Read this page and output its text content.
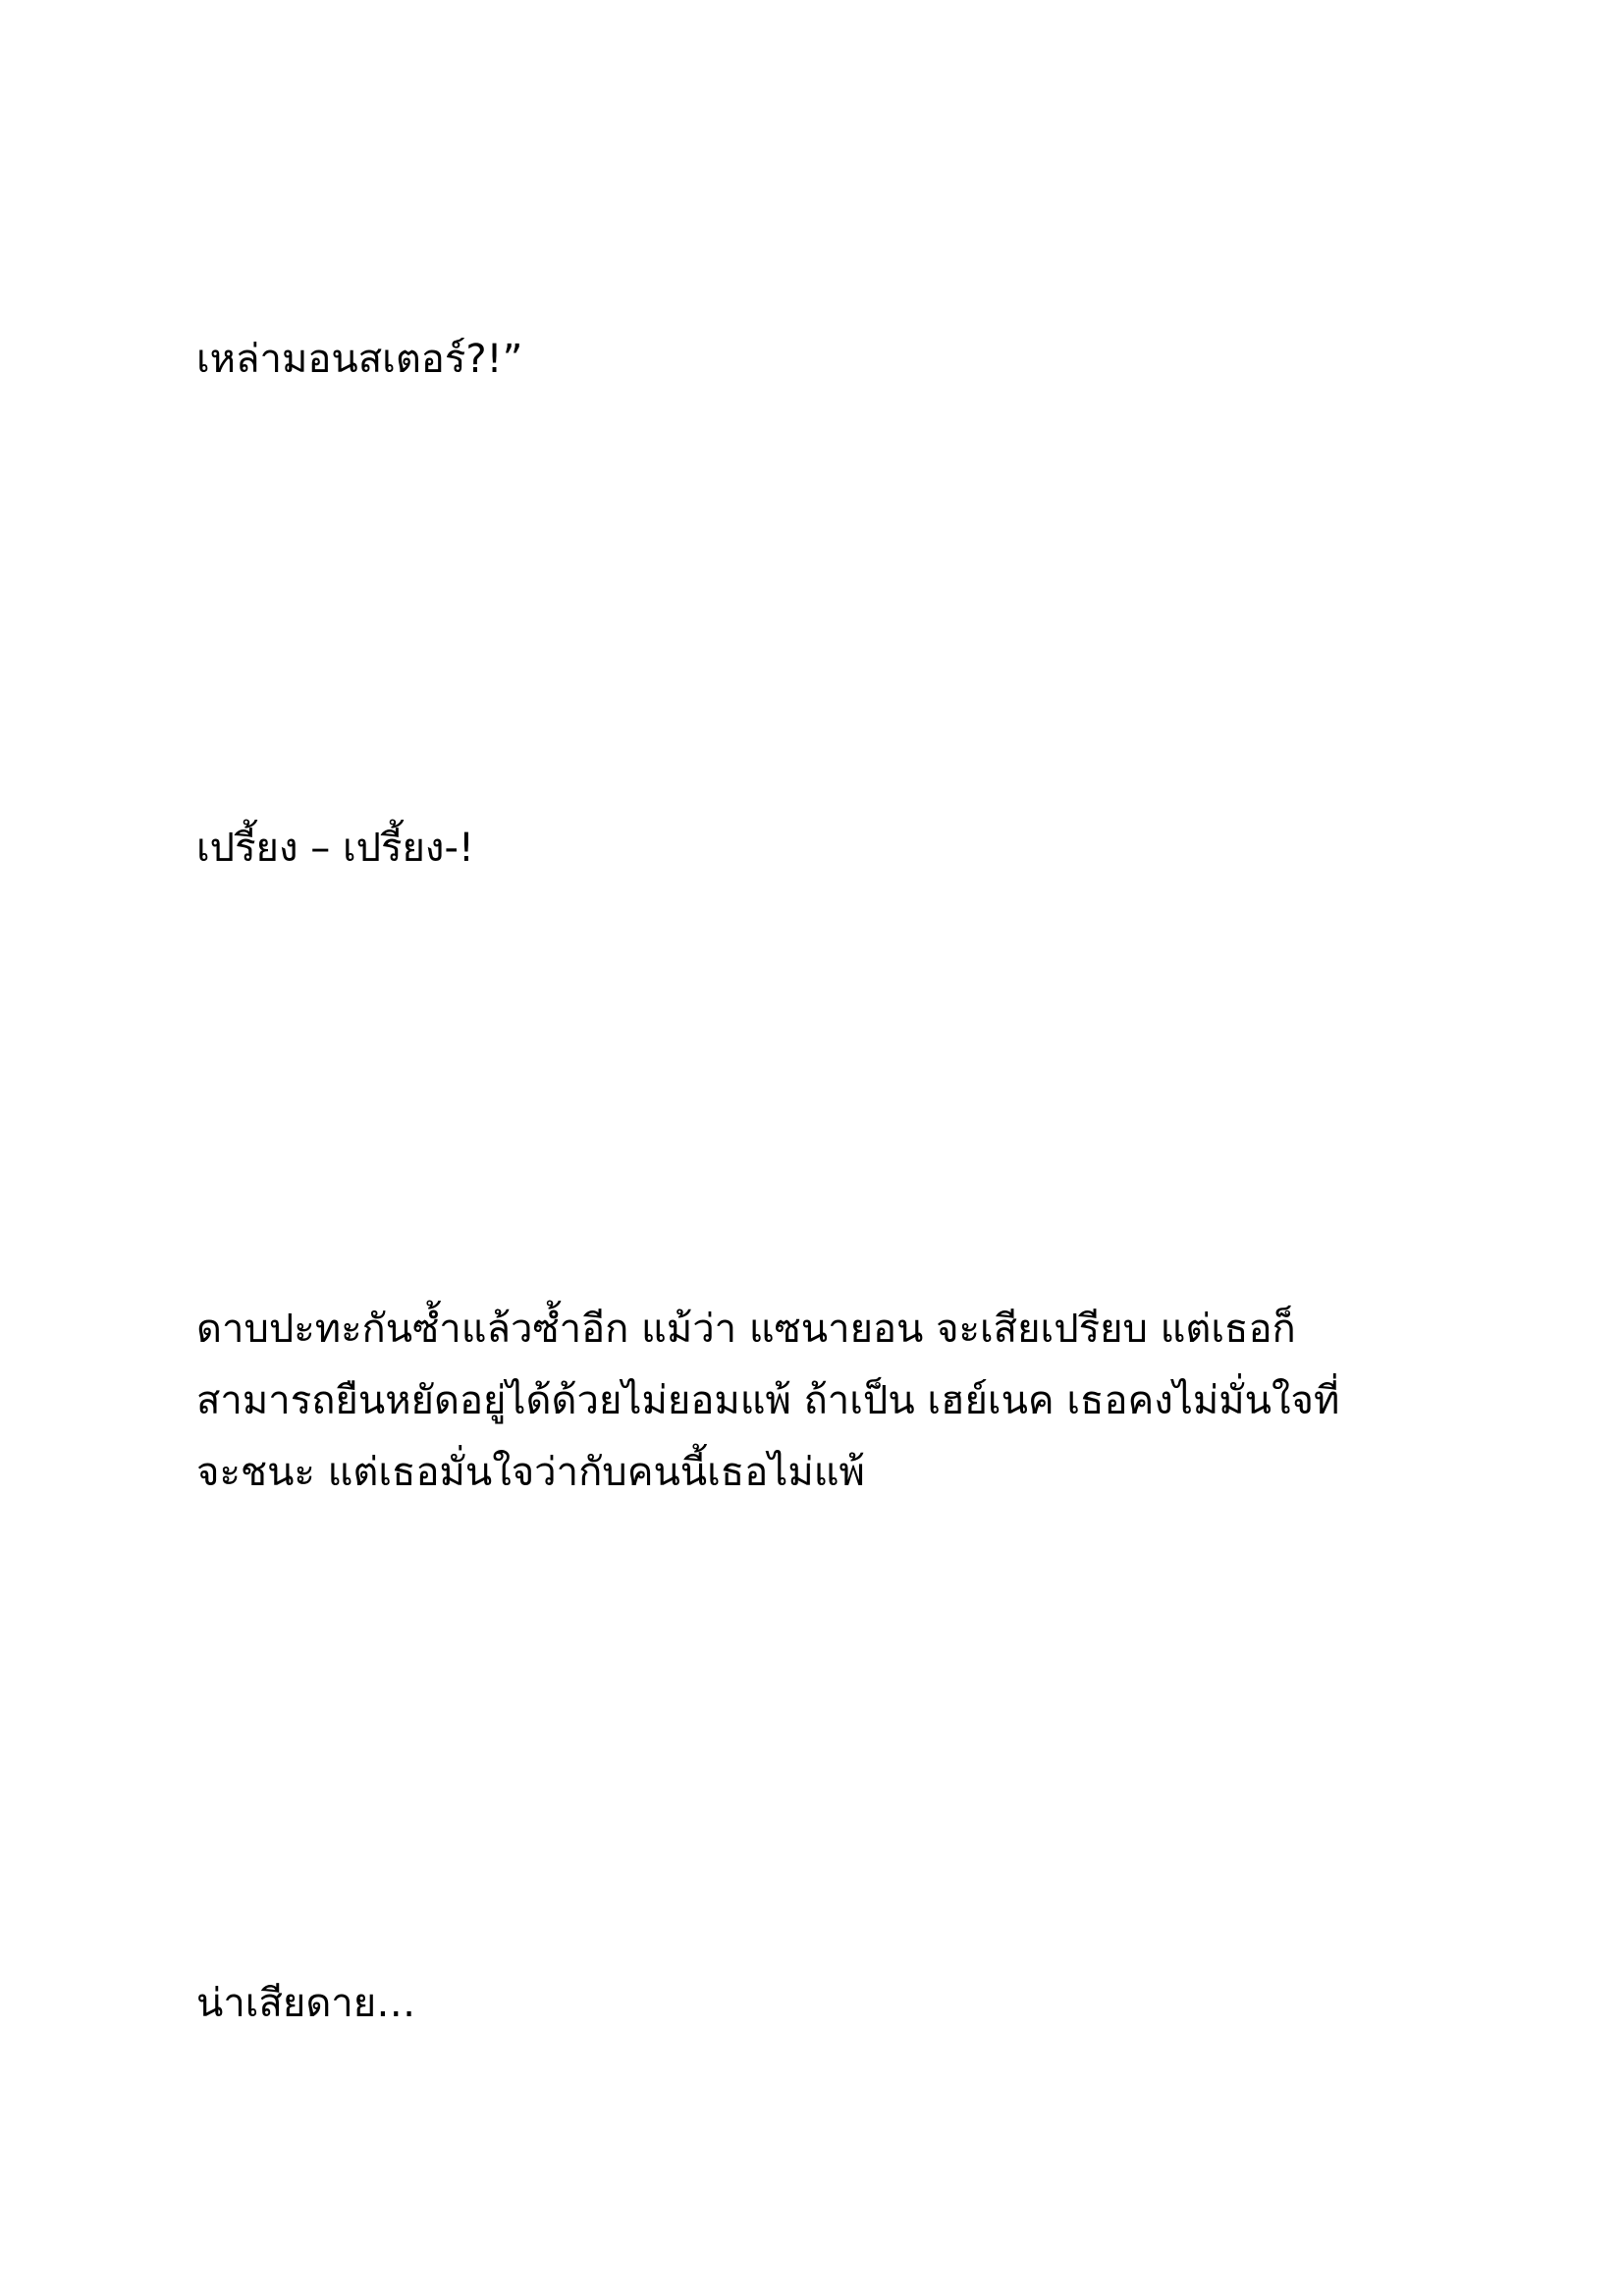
เหล่ามอนสเตอร์?!”

เปรี้ยง – เปรี้ยง-!

ดาบปะทะกันซ้ำแล้วซ้ำอีก แม้ว่า แซนายอน จะเสียเปรียบ แต่เธอก็
สามารถยืนหยัดอยู่ได้ด้วยไม่ยอมแพ้ ถ้าเป็น เฮย์เนค เธอคงไม่มั่นใจที่
จะชนะ แต่เธอมั่นใจว่ากับคนนี้เธอไม่แพ้

น่าเสียดาย…
